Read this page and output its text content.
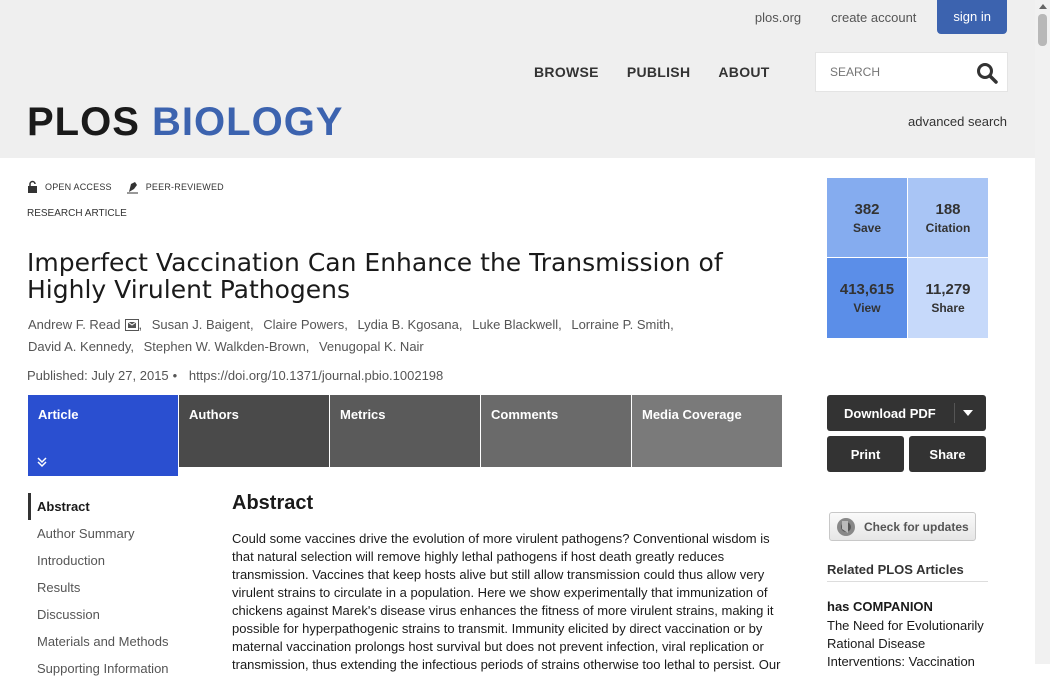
plos.org	create account	sign in
BROWSE	PUBLISH	ABOUT
SEARCH
advanced search
PLOS BIOLOGY
OPEN ACCESS	PEER-REVIEWED
RESEARCH ARTICLE
Imperfect Vaccination Can Enhance the Transmission of Highly Virulent Pathogens
Andrew F. Read , Susan J. Baigent, Claire Powers, Lydia B. Kgosana, Luke Blackwell, Lorraine P. Smith, David A. Kennedy, Stephen W. Walkden-Brown, Venugopal K. Nair
Published: July 27, 2015 • https://doi.org/10.1371/journal.pbio.1002198
Article	Authors	Metrics	Comments	Media Coverage
Abstract
Author Summary
Introduction
Results
Discussion
Materials and Methods
Supporting Information
Abstract

Could some vaccines drive the evolution of more virulent pathogens? Conventional wisdom is that natural selection will remove highly lethal pathogens if host death greatly reduces transmission. Vaccines that keep hosts alive but still allow transmission could thus allow very virulent strains to circulate in a population. Here we show experimentally that immunization of chickens against Marek's disease virus enhances the fitness of more virulent strains, making it possible for hyperpathogenic strains to transmit. Immunity elicited by direct vaccination or by maternal vaccination prolongs host survival but does not prevent infection, viral replication or transmission, thus extending the infectious periods of strains otherwise too lethal to persist. Our

382
Save
188
Citation
413,615
View
11,279
Share
Download PDF
Print	Share
Check for updates
Related PLOS Articles
has COMPANION
The Need for Evolutionarily Rational Disease Interventions: Vaccination
